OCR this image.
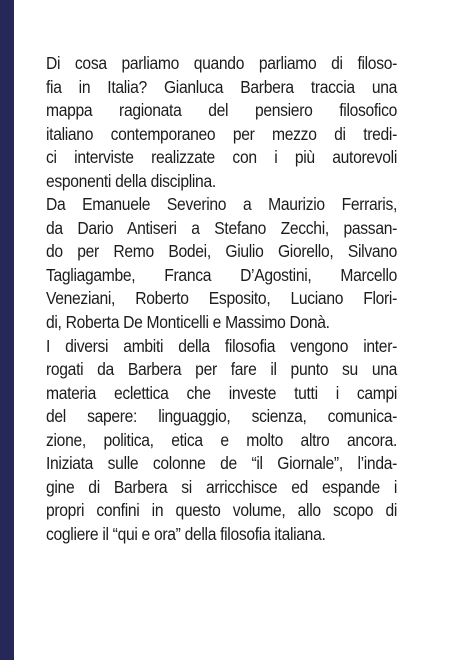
Di cosa parliamo quando parliamo di filoso-
fia in Italia? Gianluca Barbera traccia una
mappa ragionata del pensiero filosofico
italiano contemporaneo per mezzo di tredi-
ci interviste realizzate con i più autorevoli
esponenti della disciplina.
Da Emanuele Severino a Maurizio Ferraris,
da Dario Antiseri a Stefano Zecchi, passan-
do per Remo Bodei, Giulio Giorello, Silvano
Tagliagambe, Franca D’Agostini, Marcello
Veneziani, Roberto Esposito, Luciano Flori-
di, Roberta De Monticelli e Massimo Donà.
I diversi ambiti della filosofia vengono inter-
rogati da Barbera per fare il punto su una
materia eclettica che investe tutti i campi
del sapere: linguaggio, scienza, comunica-
zione, politica, etica e molto altro ancora.
Iniziata sulle colonne de “il Giornale”, l’inda-
gine di Barbera si arricchisce ed espande i
propri confini in questo volume, allo scopo di
cogliere il “qui e ora” della filosofia italiana.
